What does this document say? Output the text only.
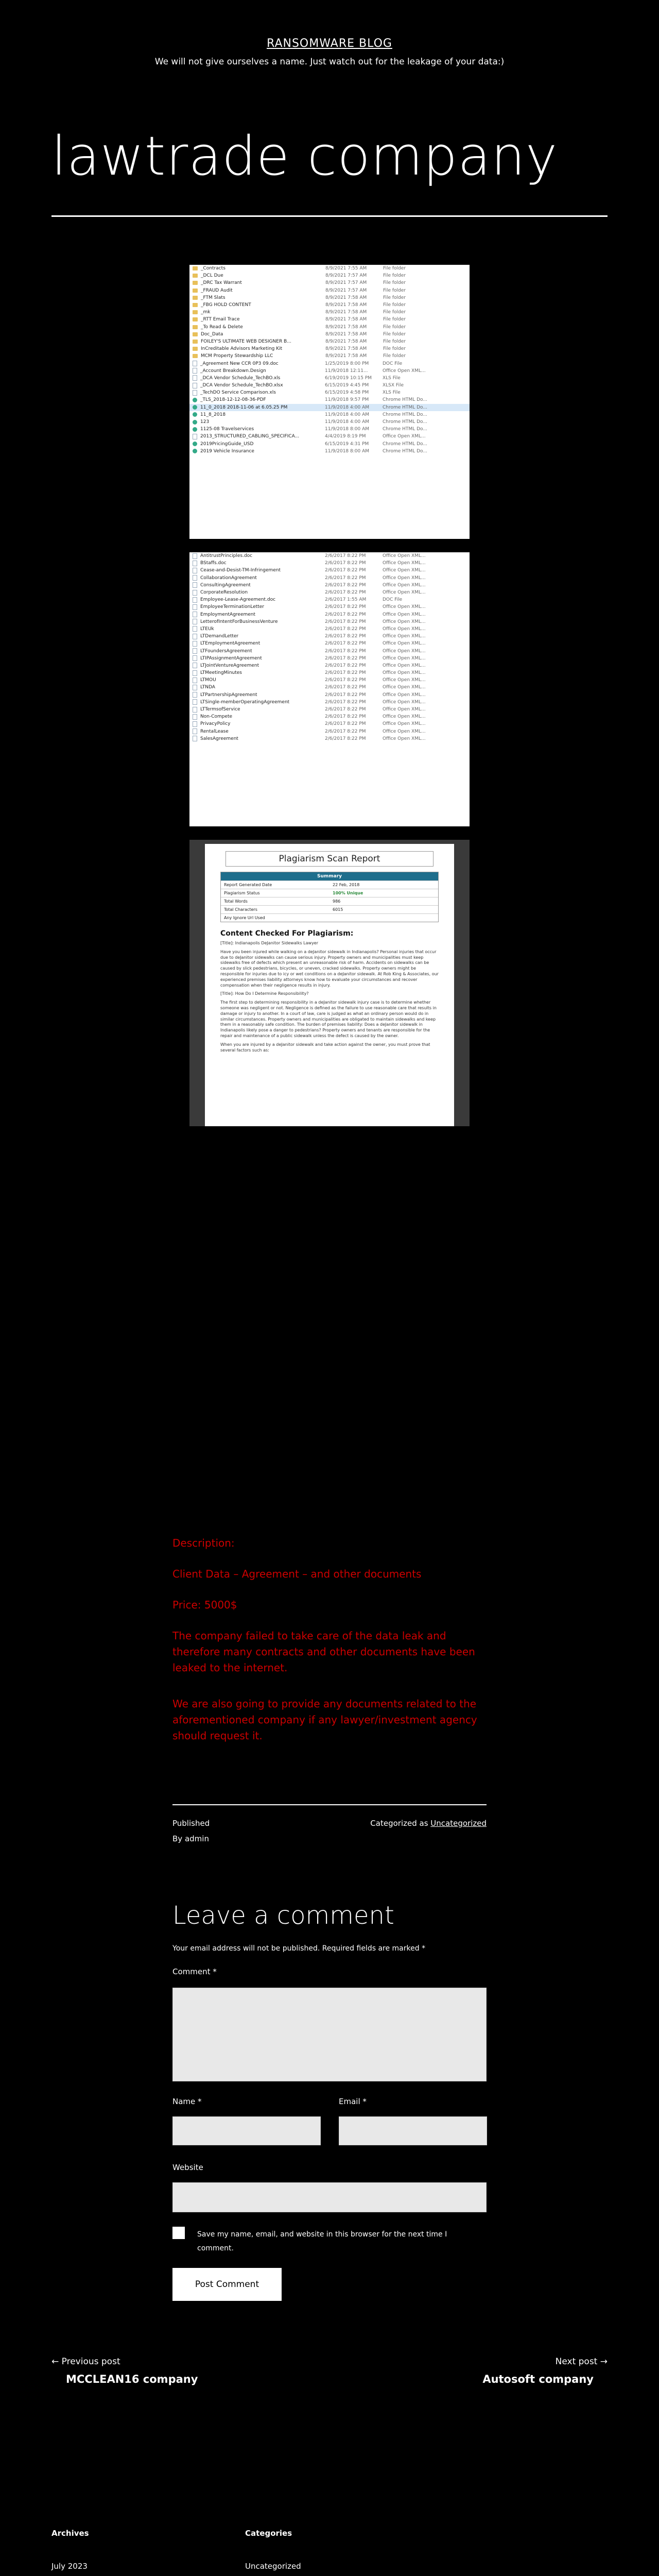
RANSOMWARE BLOG
We will not give ourselves a name. Just watch out for the leakage of your data:)
lawtrade company
_Contracts	8/9/2021 7:55 AM	File folder
_DCL Due	8/9/2021 7:57 AM	File folder
_DRC Tax Warrant	8/9/2021 7:57 AM	File folder
_FRAUD Audit	8/9/2021 7:57 AM	File folder
_FTM Slats	8/9/2021 7:58 AM	File folder
_FBG HOLD CONTENT	8/9/2021 7:58 AM	File folder
_mk	8/9/2021 7:58 AM	File folder
_RTT Email Trace	8/9/2021 7:58 AM	File folder
_To Read & Delete	8/9/2021 7:58 AM	File folder
Doc_Data	8/9/2021 7:58 AM	File folder
FOILEY'S ULTIMATE WEB DESIGNER B...	8/9/2021 7:58 AM	File folder
InCreditable Advisors Marketing Kit	8/9/2021 7:58 AM	File folder
MCM Property Stewardship LLC	8/9/2021 7:58 AM	File folder
_Agreement New CCR 0P3 09.doc	1/25/2019 8:00 PM	DOC File
_Account Breakdown.Design	11/9/2018 12:11...	Office Open XML...
_DCA Vendor Schedule_TechBO.xls	6/19/2019 10:15 PM	XLS File
_DCA Vendor Schedule_TechBO.xlsx	6/15/2019 4:45 PM	XLSX File
_TechDO Service Comparison.xls	6/15/2019 4:58 PM	XLS File
_TLS_2018-12-12-08-36-PDF	11/9/2018 9:57 PM	Chrome HTML Do...
11_0_2018 2018-11-06 at 6.05.25 PM	11/9/2018 4:00 AM	Chrome HTML Do...
11_8_2018	11/9/2018 4:00 AM	Chrome HTML Do...
123	11/9/2018 4:00 AM	Chrome HTML Do...
1125-08 Travelservices	11/9/2018 8:00 AM	Chrome HTML Do...
2013_STRUCTURED_CABLING_SPECIFICA...	4/4/2019 8:19 PM	Office Open XML...
2019PricingGuide_USD	6/15/2019 4:31 PM	Chrome HTML Do...
2019 Vehicle Insurance	11/9/2018 8:00 AM	Chrome HTML Do...
AntitrustPrinciples.doc	2/6/2017 8:22 PM	Office Open XML...
BStaffs.doc	2/6/2017 8:22 PM	Office Open XML...
Cease-and-Desist-TM-Infringement	2/6/2017 8:22 PM	Office Open XML...
CollaborationAgreement	2/6/2017 8:22 PM	Office Open XML...
ConsultingAgreement	2/6/2017 8:22 PM	Office Open XML...
CorporateResolution	2/6/2017 8:22 PM	Office Open XML...
Employee-Lease-Agreement.doc	2/6/2017 1:55 AM	DOC File
EmployeeTerminationLetter	2/6/2017 8:22 PM	Office Open XML...
EmploymentAgreement	2/6/2017 8:22 PM	Office Open XML...
LetterofIntentForBusinessVenture	2/6/2017 8:22 PM	Office Open XML...
LTEUk	2/6/2017 8:22 PM	Office Open XML...
LTDemandLetter	2/6/2017 8:22 PM	Office Open XML...
LTEmploymentAgreement	2/6/2017 8:22 PM	Office Open XML...
LTFoundersAgreement	2/6/2017 8:22 PM	Office Open XML...
LTIPAssignmentAgreement	2/6/2017 8:22 PM	Office Open XML...
LTJointVentureAgreement	2/6/2017 8:22 PM	Office Open XML...
LTMeetingMinutes	2/6/2017 8:22 PM	Office Open XML...
LTMOU	2/6/2017 8:22 PM	Office Open XML...
LTNDA	2/6/2017 8:22 PM	Office Open XML...
LTPartnershipAgreement	2/6/2017 8:22 PM	Office Open XML...
LTSingle-memberOperatingAgreement	2/6/2017 8:22 PM	Office Open XML...
LTTermsofService	2/6/2017 8:22 PM	Office Open XML...
Non-Compete	2/6/2017 8:22 PM	Office Open XML...
PrivacyPolicy	2/6/2017 8:22 PM	Office Open XML...
RentalLease	2/6/2017 8:22 PM	Office Open XML...
SalesAgreement	2/6/2017 8:22 PM	Office Open XML...
Plagiarism Scan Report
Summary
Report Generated Date	22 Feb, 2018
Plagiarism Status	100% Unique
Total Words	986
Total Characters	6015
Any Ignore Url Used
Content Checked For Plagiarism:
[Title]: Indianapolis DeJanitor Sidewalks Lawyer
Have you been injured while walking on a deJanitor sidewalk in Indianapolis? Personal injuries that occur due to deJanitor sidewalks can cause serious injury. Property owners and municipalities must keep sidewalks free of defects which present an unreasonable risk of harm. Accidents on sidewalks can be caused by slick pedestrians, bicycles, or uneven, cracked sidewalks. Property owners might be responsible for injuries due to icy or wet conditions on a deJanitor sidewalk. At Rob King & Associates, our experienced premises liability attorneys know how to evaluate your circumstances and recover compensation when their negligence results in injury.
[Title]: How Do I Determine Responsibility?
The first step to determining responsibility in a deJanitor sidewalk injury case is to determine whether someone was negligent or not. Negligence is defined as the failure to use reasonable care that results in damage or injury to another. In a court of law, care is judged as what an ordinary person would do in similar circumstances. Property owners and municipalities are obligated to maintain sidewalks and keep them in a reasonably safe condition. The burden of premises liability: Does a deJanitor sidewalk in Indianapolis likely pose a danger to pedestrians? Property owners and tenants are responsible for the repair and maintenance of a public sidewalk unless the defect is caused by the owner.
When you are injured by a deJanitor sidewalk and take action against the owner, you must prove that several factors such as:
Description:
Client Data – Agreement – and other documents
Price: 5000$
The company failed to take care of the data leak and therefore many contracts and other documents have been leaked to the internet.
We are also going to provide any documents related to the aforementioned company if any lawyer/investment agency should request it.
Published
By admin
Categorized as Uncategorized
Leave a comment
Your email address will not be published. Required fields are marked *
Comment *
Name *	Email *
Website
Save my name, email, and website in this browser for the next time I comment.
Post Comment
← Previous post
MCCLEAN16 company
Next post →
Autosoft company
Archives
July 2023
Categories
Uncategorized
